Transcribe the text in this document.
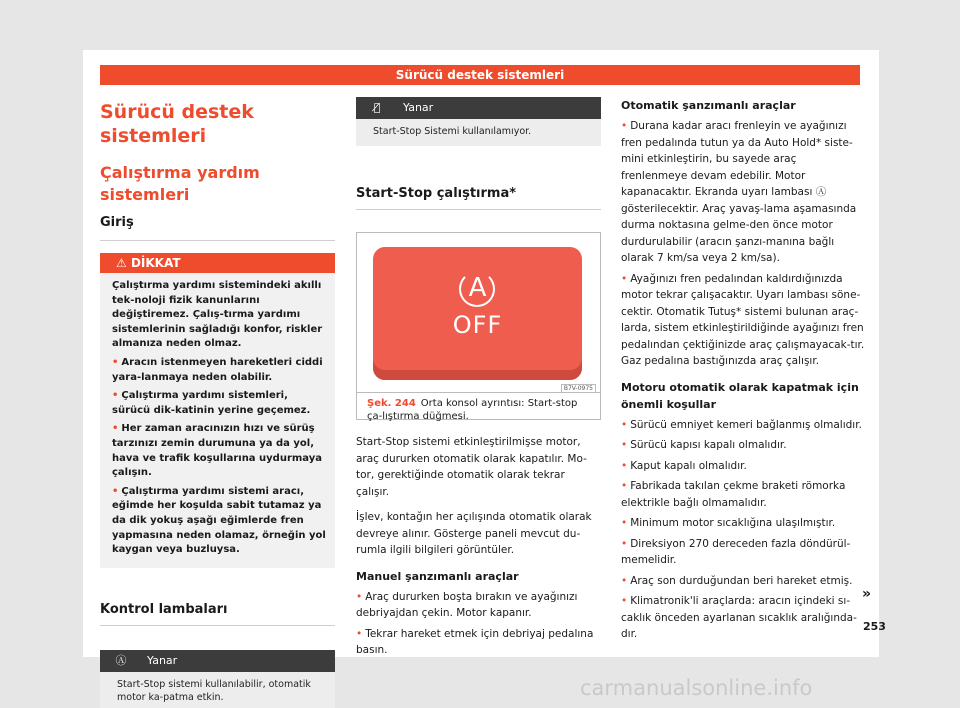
Sürücü destek sistemleri
Sürücü destek sistemleri
Çalıştırma yardım sistemleri
Giriş
⚠ DİKKAT
Çalıştırma yardımı sistemindeki akıllı tek-noloji fizik kanunlarını değiştiremez. Çalış-tırma yardımı sistemlerinin sağladığı konfor, riskler almanıza neden olmaz.
• Aracın istenmeyen hareketleri ciddi yara-lanmaya neden olabilir.
• Çalıştırma yardımı sistemleri, sürücü dik-katinin yerine geçemez.
• Her zaman aracınızın hızı ve sürüş tarzınızı zemin durumuna ya da yol, hava ve trafik koşullarına uydurmaya çalışın.
• Çalıştırma yardımı sistemi aracı, eğimde her koşulda sabit tutamaz ya da dik yokuş aşağı eğimlerde fren yapmasına neden olamaz, örneğin yol kaygan veya buzluysa.
Kontrol lambaları
Ⓐ Yanar
Start-Stop sistemi kullanılabilir, otomatik motor ka-patma etkin.
Ⓐ̸	Yanar
Start-Stop Sistemi kullanılamıyor.
Start-Stop çalıştırma*
A
OFF
B7V-0975
Şek. 244 Orta konsol ayrıntısı: Start-stop ça-lıştırma düğmesi.
Start-Stop sistemi etkinleştirilmişse motor, araç dururken otomatik olarak kapatılır. Mo-tor, gerektiğinde otomatik olarak tekrar çalışır.
İşlev, kontağın her açılışında otomatik olarak devreye alınır. Gösterge paneli mevcut du-rumla ilgili bilgileri görüntüler.
Manuel şanzımanlı araçlar
• Araç dururken boşta bırakın ve ayağınızı debriyajdan çekin. Motor kapanır.
• Tekrar hareket etmek için debriyaj pedalına basın.
Otomatik şanzımanlı araçlar
• Durana kadar aracı frenleyin ve ayağınızı fren pedalında tutun ya da Auto Hold* siste-mini etkinleştirin, bu sayede araç frenlenmeye devam edebilir. Motor kapanacaktır. Ekranda uyarı lambası Ⓐ gösterilecektir. Araç yavaş-lama aşamasında durma noktasına gelme-den önce motor durdurulabilir (aracın şanzı-manına bağlı olarak 7 km/sa veya 2 km/sa).
• Ayağınızı fren pedalından kaldırdığınızda motor tekrar çalışacaktır. Uyarı lambası söne-cektir. Otomatik Tutuş* sistemi bulunan araç-larda, sistem etkinleştirildiğinde ayağınızı fren pedalından çektiğinizde araç çalışmayacak-tır. Gaz pedalına bastığınızda araç çalışır.
Motoru otomatik olarak kapatmak için önemli koşullar
• Sürücü emniyet kemeri bağlanmış olmalıdır.
• Sürücü kapısı kapalı olmalıdır.
• Kaput kapalı olmalıdır.
• Fabrikada takılan çekme braketi römorka elektrikle bağlı olmamalıdır.
• Minimum motor sıcaklığına ulaşılmıştır.
• Direksiyon 270 dereceden fazla döndürül-memelidir.
• Araç son durduğundan beri hareket etmiş.
• Klimatronik'li araçlarda: aracın içindeki sı-caklık önceden ayarlanan sıcaklık aralığında-dır.
»
253
carmanualsonline.info
